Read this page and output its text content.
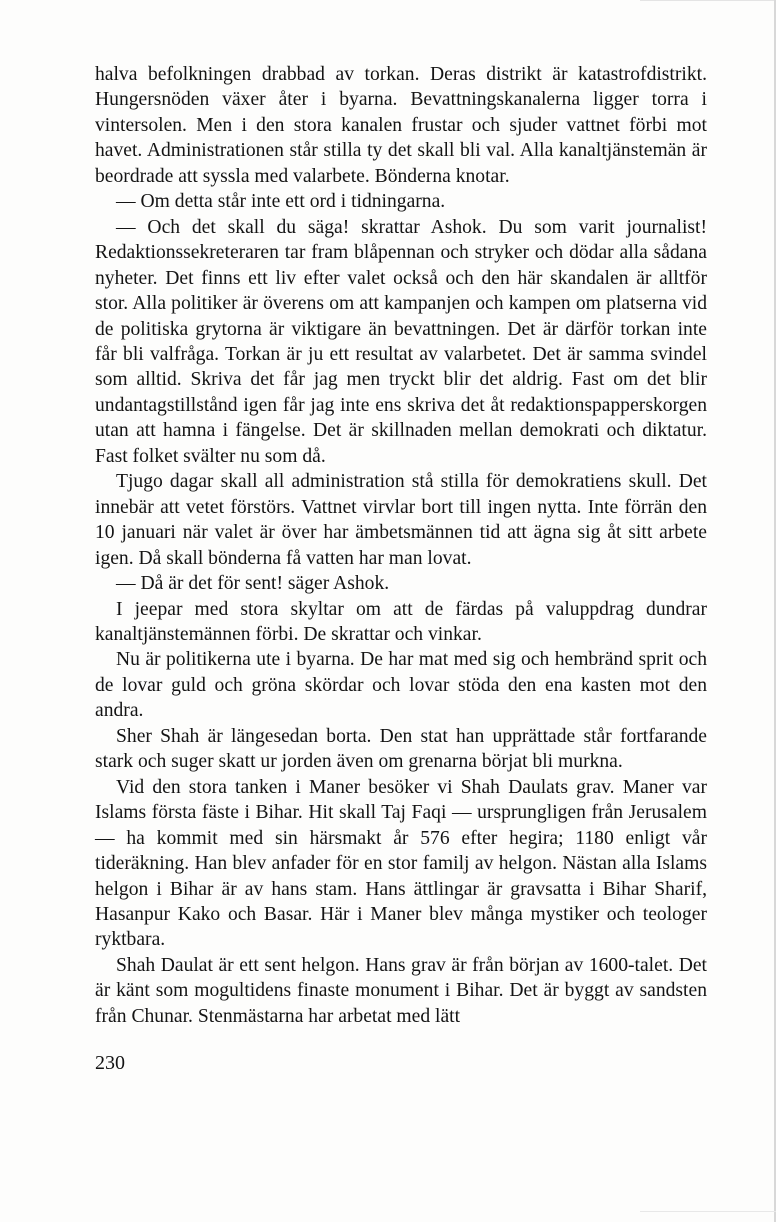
halva befolkningen drabbad av torkan. Deras distrikt är katastrofdistrikt. Hungersnöden växer åter i byarna. Bevattningskanalerna ligger torra i vintersolen. Men i den stora kanalen frustar och sjuder vattnet förbi mot havet. Administrationen står stilla ty det skall bli val. Alla kanaltjänstemän är beordrade att syssla med valarbete. Bönderna knotar.

— Om detta står inte ett ord i tidningarna.

— Och det skall du säga! skrattar Ashok. Du som varit journalist! Redaktionssekreteraren tar fram blåpennan och stryker och dödar alla sådana nyheter. Det finns ett liv efter valet också och den här skandalen är alltför stor. Alla politiker är överens om att kampanjen och kampen om platserna vid de politiska grytorna är viktigare än bevattningen. Det är därför torkan inte får bli valfråga. Torkan är ju ett resultat av valarbetet. Det är samma svindel som alltid. Skriva det får jag men tryckt blir det aldrig. Fast om det blir undantagstillstånd igen får jag inte ens skriva det åt redaktionspapperskorgen utan att hamna i fängelse. Det är skillnaden mellan demokrati och diktatur. Fast folket svälter nu som då.

Tjugo dagar skall all administration stå stilla för demokratiens skull. Det innebär att vetet förstörs. Vattnet virvlar bort till ingen nytta. Inte förrän den 10 januari när valet är över har ämbetsmännen tid att ägna sig åt sitt arbete igen. Då skall bönderna få vatten har man lovat.

— Då är det för sent! säger Ashok.

I jeepar med stora skyltar om att de färdas på valuppdrag dundrar kanaltjänstemännen förbi. De skrattar och vinkar.

Nu är politikerna ute i byarna. De har mat med sig och hembränd sprit och de lovar guld och gröna skördar och lovar stöda den ena kasten mot den andra.

Sher Shah är längesedan borta. Den stat han upprättade står fortfarande stark och suger skatt ur jorden även om grenarna börjat bli murkna.

Vid den stora tanken i Maner besöker vi Shah Daulats grav. Maner var Islams första fäste i Bihar. Hit skall Taj Faqi — ursprungligen från Jerusalem — ha kommit med sin härsmakt år 576 efter hegira; 1180 enligt vår tideräkning. Han blev anfader för en stor familj av helgon. Nästan alla Islams helgon i Bihar är av hans stam. Hans ättlingar är gravsatta i Bihar Sharif, Hasanpur Kako och Basar. Här i Maner blev många mystiker och teologer ryktbara.

Shah Daulat är ett sent helgon. Hans grav är från början av 1600-talet. Det är känt som mogultidens finaste monument i Bihar. Det är byggt av sandsten från Chunar. Stenmästarna har arbetat med lätt

230
